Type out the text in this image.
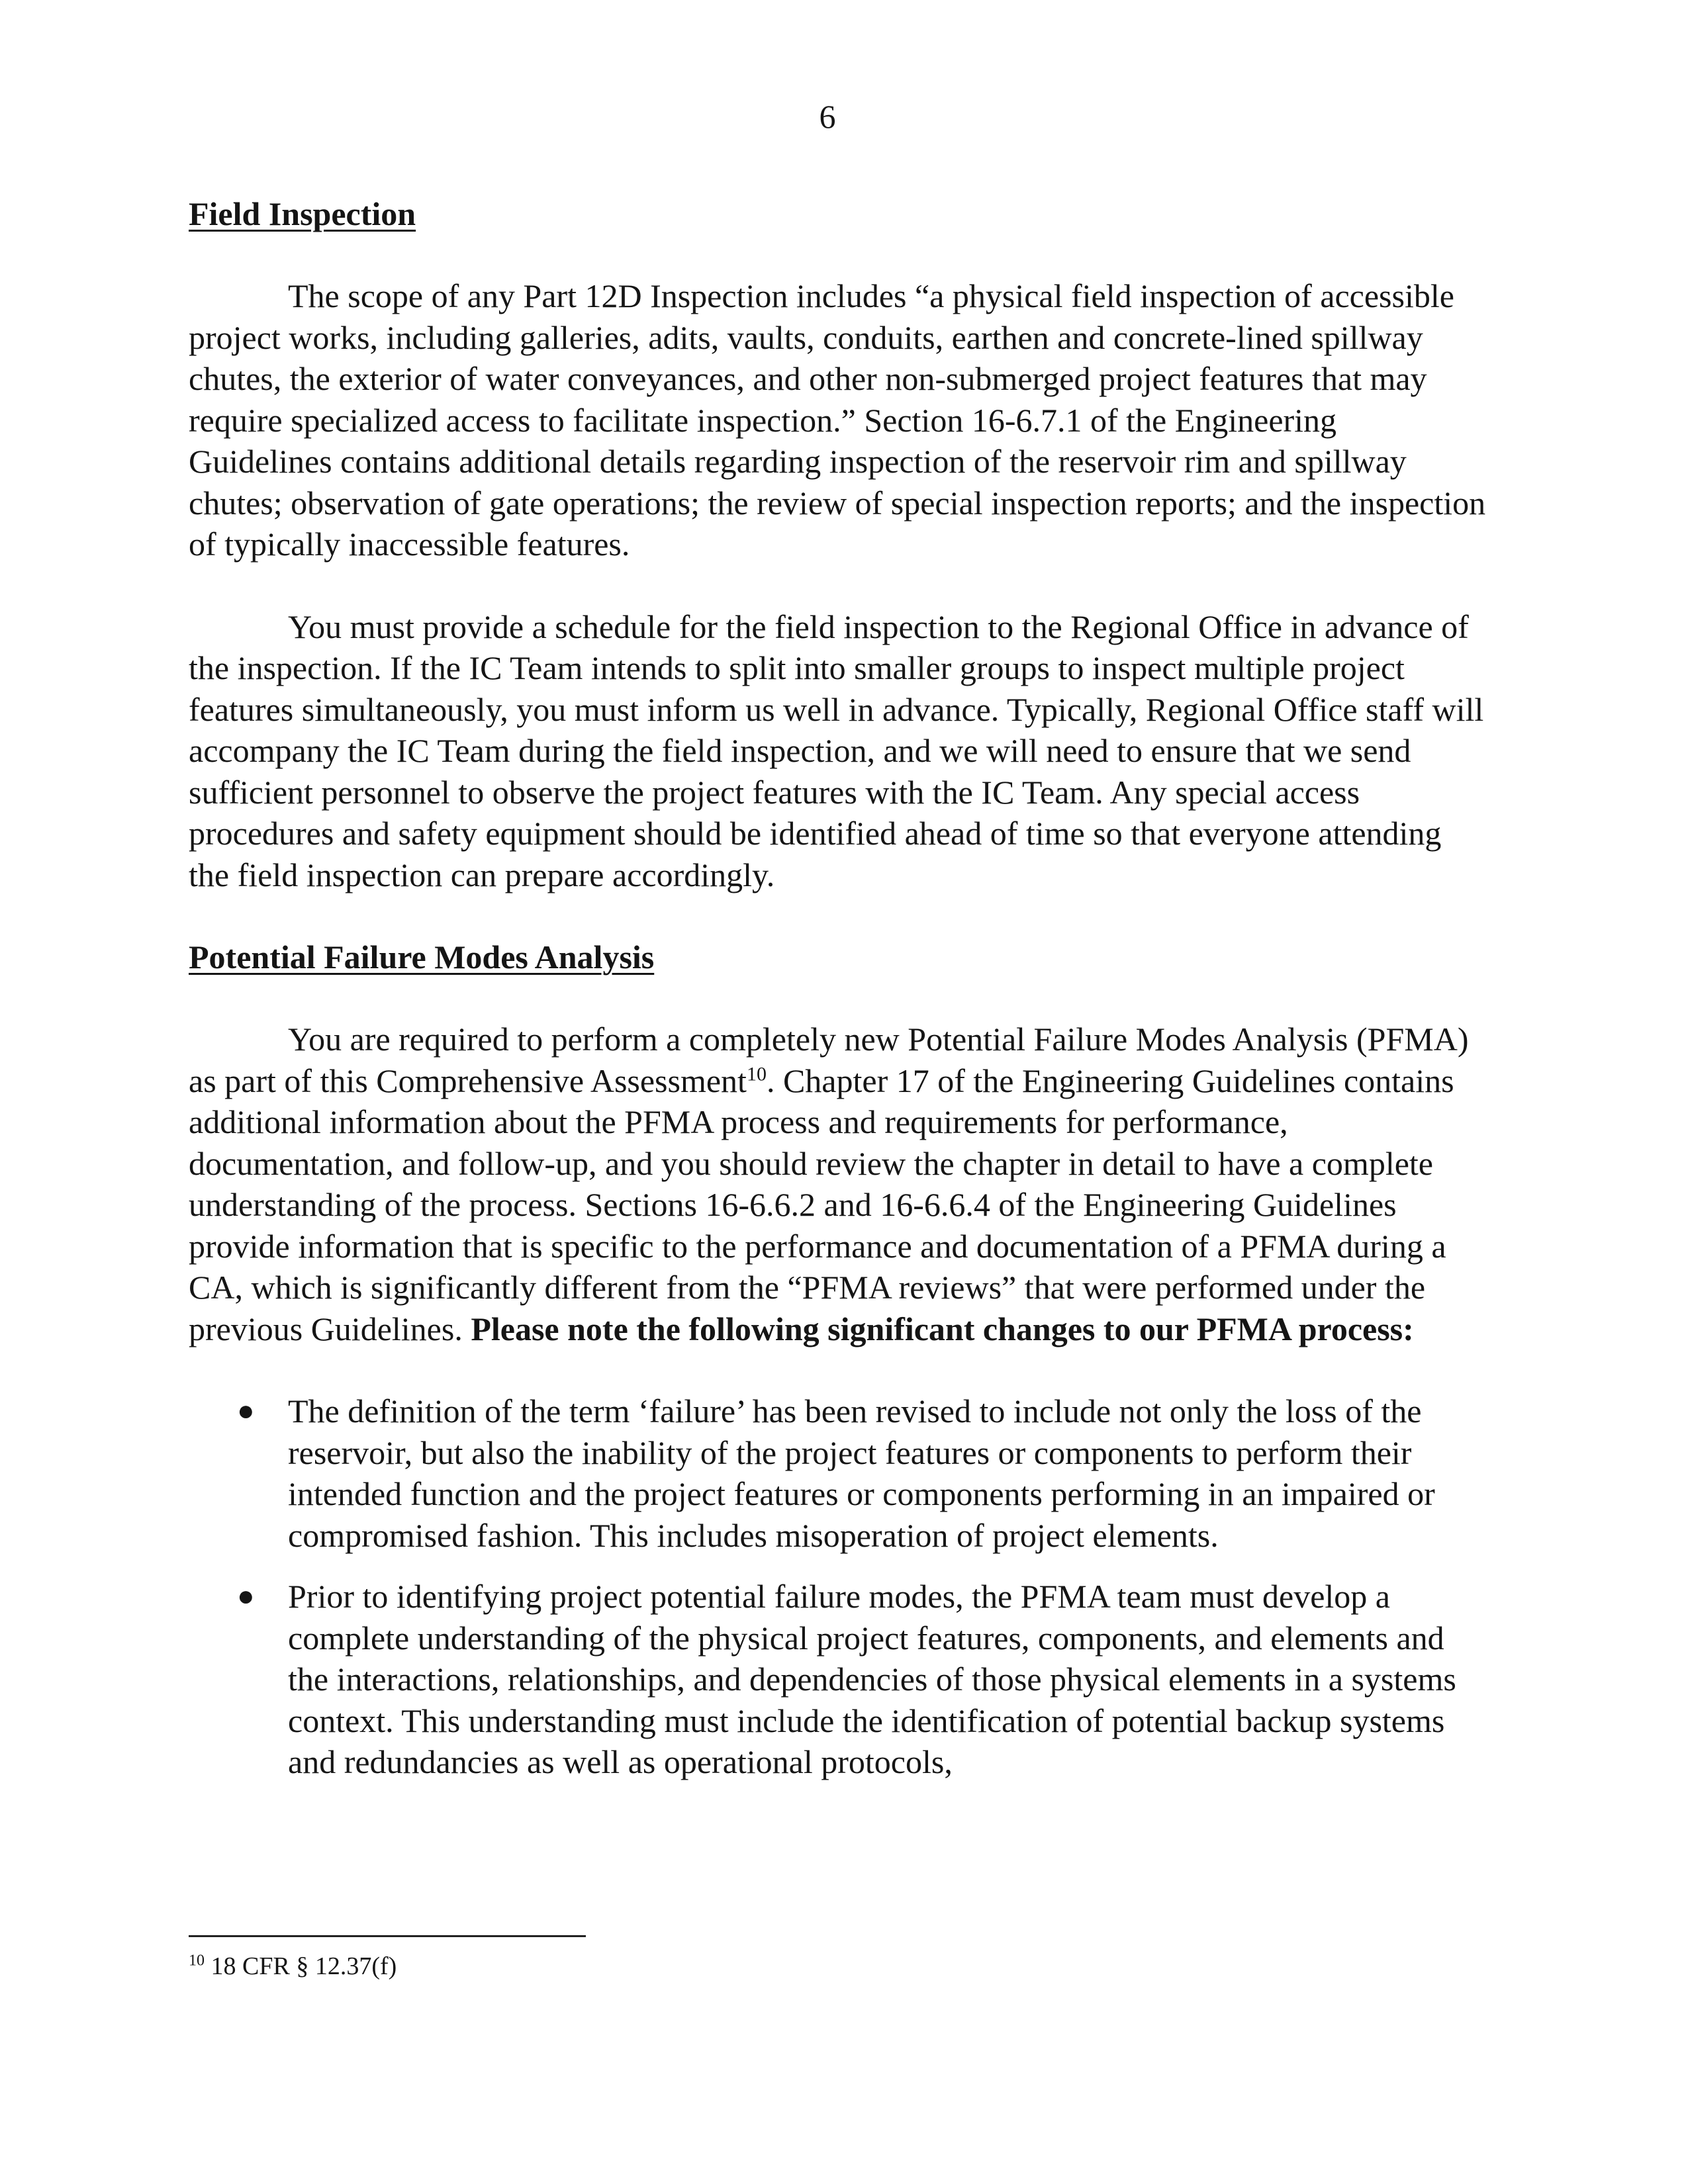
6
Field Inspection

The scope of any Part 12D Inspection includes “a physical field inspection of accessible project works, including galleries, adits, vaults, conduits, earthen and concrete-lined spillway chutes, the exterior of water conveyances, and other non-submerged project features that may require specialized access to facilitate inspection.” Section 16-6.7.1 of the Engineering Guidelines contains additional details regarding inspection of the reservoir rim and spillway chutes; observation of gate operations; the review of special inspection reports; and the inspection of typically inaccessible features.

You must provide a schedule for the field inspection to the Regional Office in advance of the inspection. If the IC Team intends to split into smaller groups to inspect multiple project features simultaneously, you must inform us well in advance. Typically, Regional Office staff will accompany the IC Team during the field inspection, and we will need to ensure that we send sufficient personnel to observe the project features with the IC Team. Any special access procedures and safety equipment should be identified ahead of time so that everyone attending the field inspection can prepare accordingly.

Potential Failure Modes Analysis

You are required to perform a completely new Potential Failure Modes Analysis (PFMA) as part of this Comprehensive Assessment$^{10}$. Chapter 17 of the Engineering Guidelines contains additional information about the PFMA process and requirements for performance, documentation, and follow-up, and you should review the chapter in detail to have a complete understanding of the process. Sections 16-6.6.2 and 16-6.6.4 of the Engineering Guidelines provide information that is specific to the performance and documentation of a PFMA during a CA, which is significantly different from the “PFMA reviews” that were performed under the previous Guidelines. Please note the following significant changes to our PFMA process:

● The definition of the term ‘failure’ has been revised to include not only the loss of the reservoir, but also the inability of the project features or components to perform their intended function and the project features or components performing in an impaired or compromised fashion. This includes misoperation of project elements.
● Prior to identifying project potential failure modes, the PFMA team must develop a complete understanding of the physical project features, components, and elements and the interactions, relationships, and dependencies of those physical elements in a systems context. This understanding must include the identification of potential backup systems and redundancies as well as operational protocols,
$^{10}$ 18 CFR § 12.37(f)
